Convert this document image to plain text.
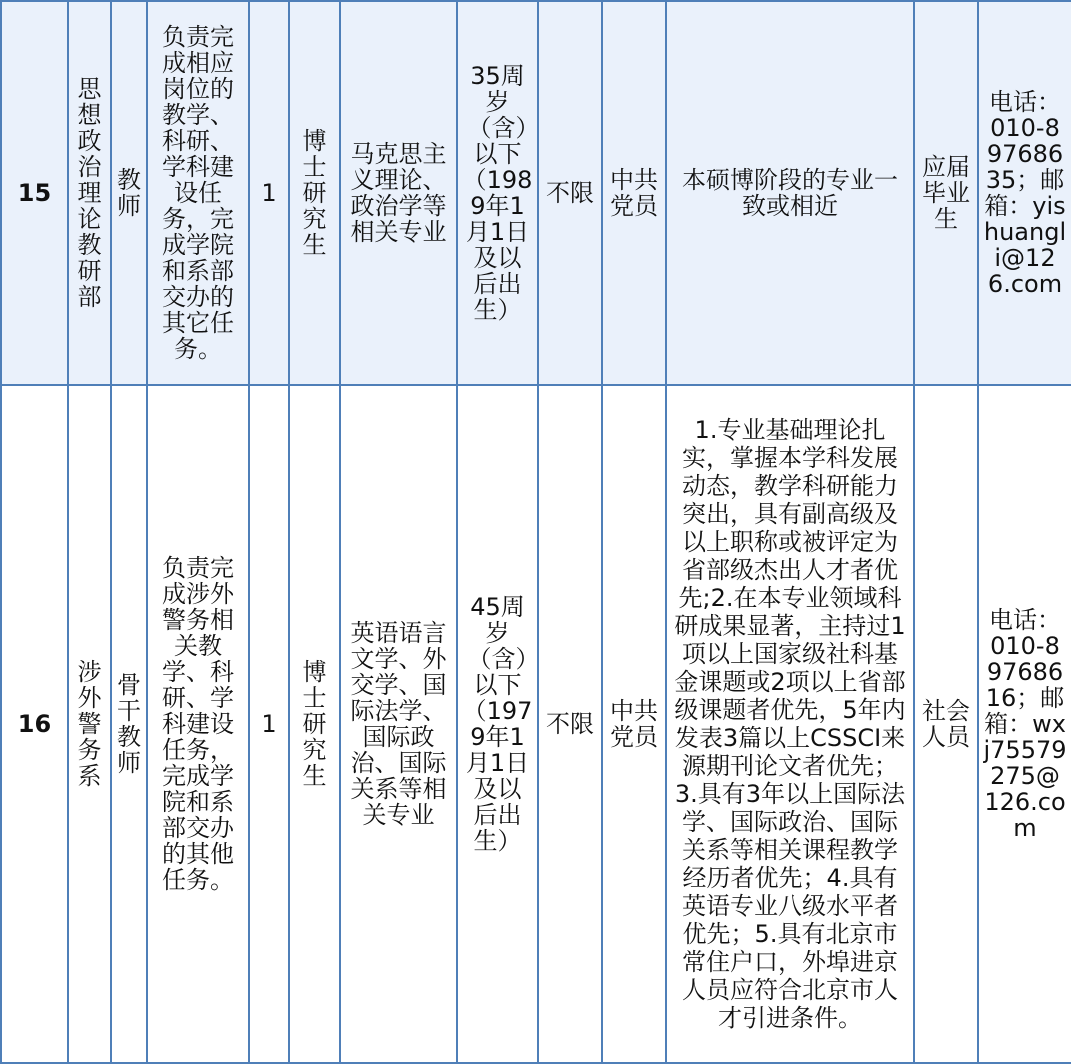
15	思想政治理论教研部	教师	负责完成相应岗位的教学、科研、学科建设任务，完成学院和系部交办的其它任务。	1	博士研究生	马克思主义理论、政治学等相关专业	35周岁（含）以下（1989年1月1日及以后出生）	不限	中共党员	本硕博阶段的专业一致或相近	应届毕业生	电话：010-89768635；邮箱：yishuangli@126.com
16	涉外警务系	骨干教师	负责完成涉外警务相关教学、科研、学科建设任务，完成学院和系部交办的其他任务。	1	博士研究生	英语语言文学、外交学、国际法学、国际政治、国际关系等相关专业	45周岁（含）以下（1979年1月1日及以后出生）	不限	中共党员	1.专业基础理论扎实，掌握本学科发展动态，教学科研能力突出，具有副高级及以上职称或被评定为省部级杰出人才者优先;2.在本专业领域科研成果显著，主持过1项以上国家级社科基金课题或2项以上省部级课题者优先，5年内发表3篇以上CSSCI来源期刊论文者优先；3.具有3年以上国际法学、国际政治、国际关系等相关课程教学经历者优先；4.具有英语专业八级水平者优先；5.具有北京市常住户口，外埠进京人员应符合北京市人才引进条件。	社会人员	电话：010-89768616；邮箱：wxj75579275@126.com
